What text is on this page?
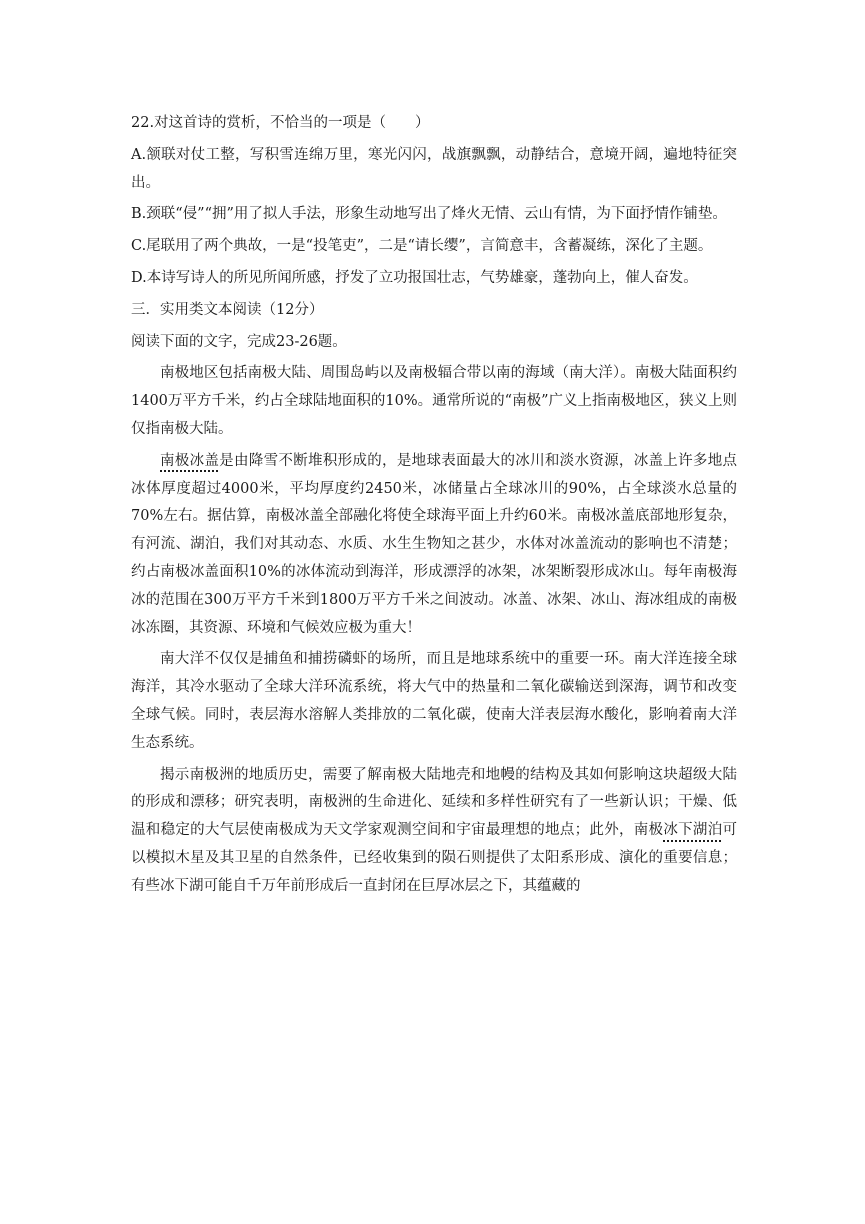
22.对这首诗的赏析，不恰当的一项是（　　）

A.颔联对仗工整，写积雪连绵万里，寒光闪闪，战旗飘飘，动静结合，意境开阔，遍地特征突出。

B.颈联“侵”“拥”用了拟人手法，形象生动地写出了烽火无情、云山有情，为下面抒情作铺垫。

C.尾联用了两个典故，一是“投笔吏”，二是“请长缨”，言简意丰，含蓄凝练，深化了主题。

D.本诗写诗人的所见所闻所感，抒发了立功报国壮志，气势雄豪，蓬勃向上，催人奋发。

三．实用类文本阅读（12分）

阅读下面的文字，完成23-26题。

南极地区包括南极大陆、周围岛屿以及南极辐合带以南的海域（南大洋）。南极大陆面积约1400万平方千米，约占全球陆地面积的10%。通常所说的“南极”广义上指南极地区，狭义上则仅指南极大陆。

南极冰盖是由降雪不断堆积形成的，是地球表面最大的冰川和淡水资源，冰盖上许多地点冰体厚度超过4000米，平均厚度约2450米，冰储量占全球冰川的90%，占全球淡水总量的70%左右。据估算，南极冰盖全部融化将使全球海平面上升约60米。南极冰盖底部地形复杂，有河流、湖泊，我们对其动态、水质、水生生物知之甚少，水体对冰盖流动的影响也不清楚；约占南极冰盖面积10%的冰体流动到海洋，形成漂浮的冰架，冰架断裂形成冰山。每年南极海冰的范围在300万平方千米到1800万平方千米之间波动。冰盖、冰架、冰山、海冰组成的南极冰冻圈，其资源、环境和气候效应极为重大！

南大洋不仅仅是捕鱼和捕捞磷虾的场所，而且是地球系统中的重要一环。南大洋连接全球海洋，其冷水驱动了全球大洋环流系统，将大气中的热量和二氧化碳输送到深海，调节和改变全球气候。同时，表层海水溶解人类排放的二氧化碳，使南大洋表层海水酸化，影响着南大洋生态系统。

揭示南极洲的地质历史，需要了解南极大陆地壳和地幔的结构及其如何影响这块超级大陆的形成和漂移；研究表明，南极洲的生命进化、延续和多样性研究有了一些新认识；干燥、低温和稳定的大气层使南极成为天文学家观测空间和宇宙最理想的地点；此外，南极冰下湖泊可以模拟木星及其卫星的自然条件，已经收集到的陨石则提供了太阳系形成、演化的重要信息；有些冰下湖可能自千万年前形成后一直封闭在巨厚冰层之下，其蕴藏的
